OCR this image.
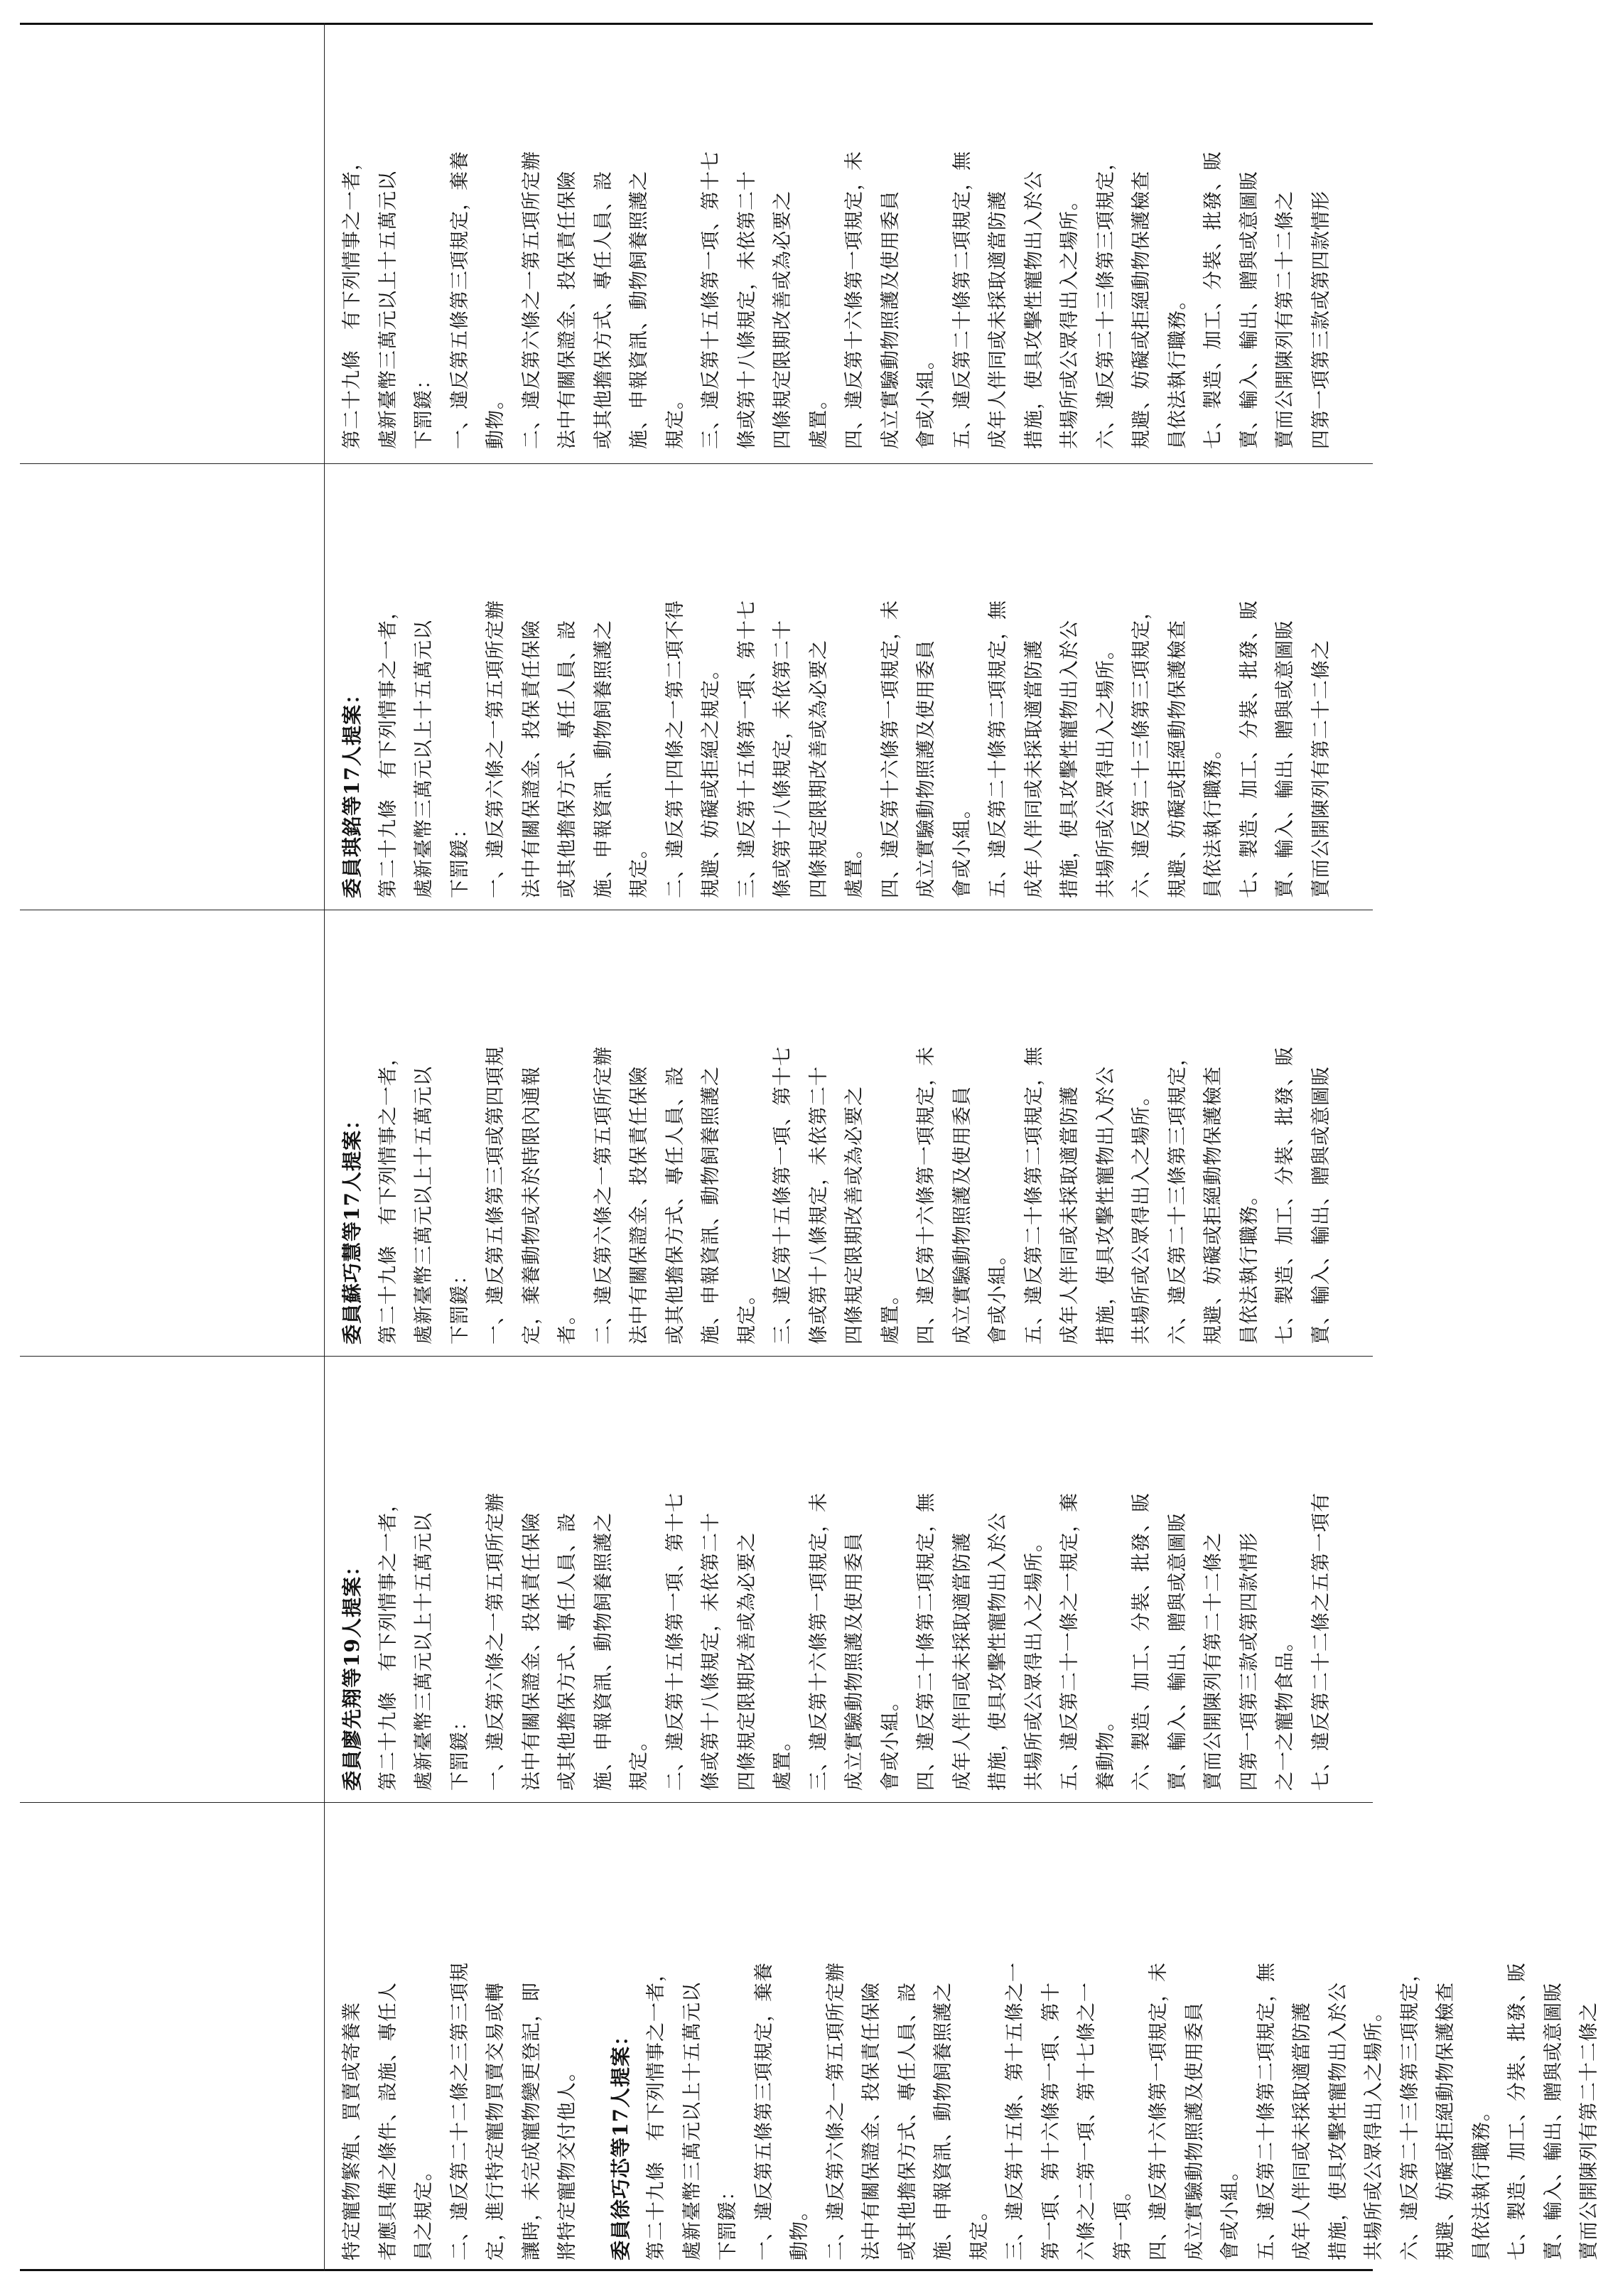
第二十九條　有下列情事之一者， 處新臺幣三萬元以上十五萬元以 下罰鍰： 一、違反第五條第三項規定，棄養 動物。 二、違反第六條之一第五項所定辦 法中有關保證金、投保責任保險 或其他擔保方式、專任人員、設 施、申報資訊、動物飼養照護之 規定。 三、違反第十五條第一項、第十七 條或第十八條規定，未依第二十 四條規定限期改善或為必要之 處置。 四、違反第十六條第一項規定，未 成立實驗動物照護及使用委員 會或小組。 五、違反第二十條第二項規定，無 成年人伴同或未採取適當防護 措施，使具攻擊性寵物出入於公 共場所或公眾得出入之場所。 六、違反第二十三條第三項規定， 規避、妨礙或拒絕動物保護檢查 員依法執行職務。 七、製造、加工、分裝、批發、販 賣、輸入、輸出、贈與或意圖販 賣而公開陳列有第二十二條之 四第一項第三款或第四款情形

委員琪銘等17人提案： 第二十九條　有下列情事之一者， 處新臺幣三萬元以上十五萬元以 下罰鍰： 一、違反第六條之一第五項所定辦 法中有關保證金、投保責任保險 或其他擔保方式、專任人員、設 施、申報資訊、動物飼養照護之 規定。 二、違反第十四條之一第二項不得 規避、妨礙或拒絕之規定。 三、違反第十五條第一項、第十七 條或第十八條規定，未依第二十 四條規定限期改善或為必要之 處置。 四、違反第十六條第一項規定，未 成立實驗動物照護及使用委員 會或小組。 五、違反第二十條第二項規定，無 成年人伴同或未採取適當防護 措施，使具攻擊性寵物出入於公 共場所或公眾得出入之場所。 六、違反第二十三條第三項規定， 規避、妨礙或拒絕動物保護檢查 員依法執行職務。 七、製造、加工、分裝、批發、販 賣、輸入、輸出、贈與或意圖販 賣而公開陳列有第二十二條之

委員蘇巧慧等17人提案： 第二十九條　有下列情事之一者， 處新臺幣三萬元以上十五萬元以 下罰鍰： 一、違反第五條第三項或第四項規 定，棄養動物或未於時限內通報 者。 二、違反第六條之一第五項所定辦 法中有關保證金、投保責任保險 或其他擔保方式、專任人員、設 施、申報資訊、動物飼養照護之 規定。 三、違反第十五條第一項、第十七 條或第十八條規定，未依第二十 四條規定限期改善或為必要之 處置。 四、違反第十六條第一項規定，未 成立實驗動物照護及使用委員 會或小組。 五、違反第二十條第二項規定，無 成年人伴同或未採取適當防護 措施，使具攻擊性寵物出入於公 共場所或公眾得出入之場所。 六、違反第二十三條第三項規定， 規避、妨礙或拒絕動物保護檢查 員依法執行職務。 七、製造、加工、分裝、批發、販 賣、輸入、輸出、贈與或意圖販

委員廖先翔等19人提案： 第二十九條　有下列情事之一者， 處新臺幣三萬元以上十五萬元以 下罰鍰： 一、違反第六條之一第五項所定辦 法中有關保證金、投保責任保險 或其他擔保方式、專任人員、設 施、申報資訊、動物飼養照護之 規定。 二、違反第十五條第一項、第十七 條或第十八條規定，未依第二十 四條規定限期改善或為必要之 處置。 三、違反第十六條第一項規定，未 成立實驗動物照護及使用委員 會或小組。 四、違反第二十條第二項規定，無 成年人伴同或未採取適當防護 措施，使具攻擊性寵物出入於公 共場所或公眾得出入之場所。 五、違反第二十一條之一規定，棄 養動物。 六、製造、加工、分裝、批發、販 賣、輸入、輸出、贈與或意圖販 賣而公開陳列有第二十二條之 四第一項第三款或第四款情形 之一之寵物食品。 七、違反第二十二條之五第一項有

特定寵物繁殖、買賣或寄養業 者應具備之條件、設施、專任人 員之規定。 二、違反第二十二條之三第三項規 定，進行特定寵物買賣交易或轉 讓時，未完成寵物變更登記，即 將特定寵物交付他人。	委員徐巧芯等17人提案： 第二十九條　有下列情事之一者， 處新臺幣三萬元以上十五萬元以 下罰鍰： 一、違反第五條第三項規定，棄養 動物。 二、違反第六條之一第五項所定辦 法中有關保證金、投保責任保險 或其他擔保方式、專任人員、設 施、申報資訊、動物飼養照護之 規定。 三、違反第十五條、第十五條之一 第一項、第十六條第一項、第十 六條之二第一項、第十七條之一 第一項。 四、違反第十六條第一項規定，未 成立實驗動物照護及使用委員 會或小組。 五、違反第二十條第二項規定，無 成年人伴同或未採取適當防護 措施，使具攻擊性寵物出入於公 共場所或公眾得出入之場所。 六、違反第二十三條第三項規定， 規避、妨礙或拒絕動物保護檢查 員依法執行職務。 七、製造、加工、分裝、批發、販 賣、輸入、輸出、贈與或意圖販 賣而公開陳列有第二十二條之
